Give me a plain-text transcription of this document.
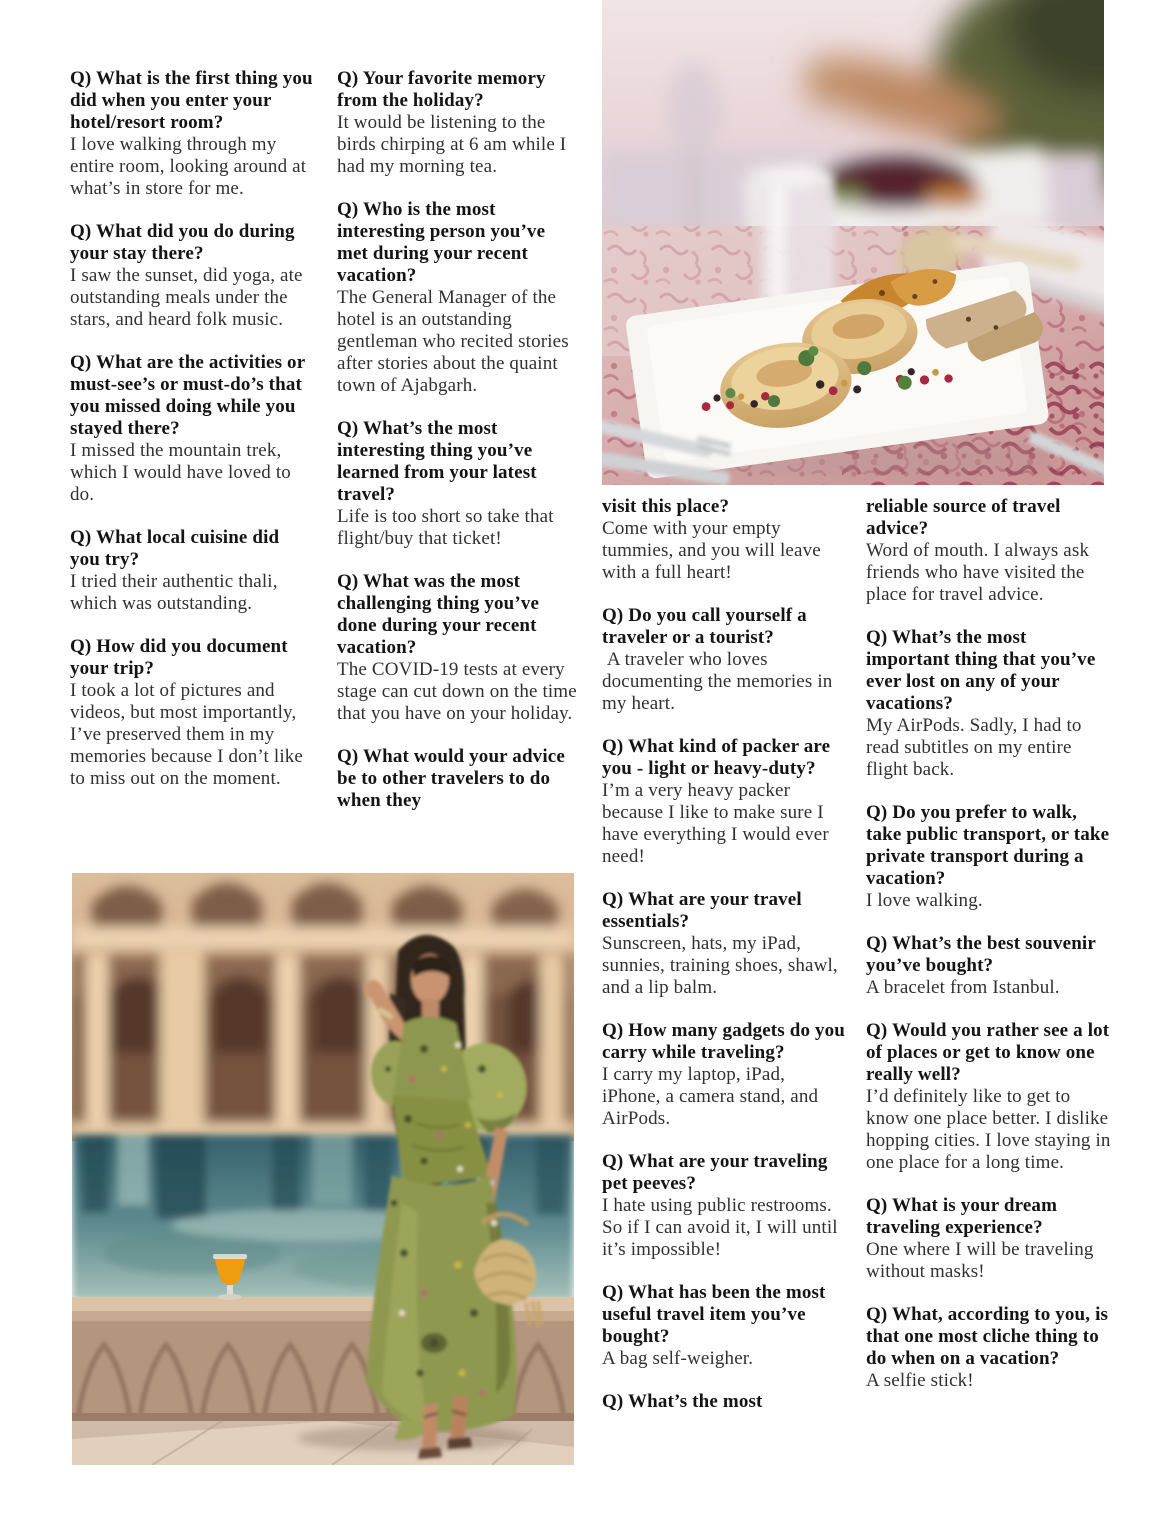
Q) What is the first thing you did when you enter your hotel/resort room?

I love walking through my entire room, looking around at what’s in store for me.

Q) What did you do during your stay there?

I saw the sunset, did yoga, ate outstanding meals under the stars, and heard folk music.

Q) What are the activities or must-see’s or must-do’s that you missed doing while you stayed there?

I missed the mountain trek, which I would have loved to do.

Q) What local cuisine did you try?

I tried their authentic thali, which was outstanding.

Q) How did you document your trip?

I took a lot of pictures and videos, but most importantly, I’ve preserved them in my memories because I don’t like to miss out on the moment.

Q) Your favorite memory from the holiday?

It would be listening to the birds chirping at 6 am while I had my morning tea.

Q) Who is the most interesting person you’ve met during your recent vacation?

The General Manager of the hotel is an outstanding gentleman who recited stories after stories about the quaint town of Ajabgarh.

Q) What’s the most interesting thing you’ve learned from your latest travel?

Life is too short so take that flight/buy that ticket!

Q) What was the most challenging thing you’ve done during your recent vacation?

The COVID-19 tests at every stage can cut down on the time that you have on your holiday.

Q) What would your advice be to other travelers to do when they

visit this place?

Come with your empty tummies, and you will leave with a full heart!

Q) Do you call yourself a traveler or a tourist?

A traveler who loves documenting the memories in my heart.

Q) What kind of packer are you - light or heavy-duty?

I’m a very heavy packer because I like to make sure I have everything I would ever need!

Q) What are your travel essentials?

Sunscreen, hats, my iPad, sunnies, training shoes, shawl, and a lip balm.

Q) How many gadgets do you carry while traveling?

I carry my laptop, iPad, iPhone, a camera stand, and AirPods.

Q) What are your traveling pet peeves?

I hate using public restrooms. So if I can avoid it, I will until it’s impossible!

Q) What has been the most useful travel item you’ve bought?

A bag self-weigher.

Q) What’s the most

reliable source of travel advice?

Word of mouth. I always ask friends who have visited the place for travel advice.

Q) What’s the most important thing that you’ve ever lost on any of your vacations?

My AirPods. Sadly, I had to read subtitles on my entire flight back.

Q) Do you prefer to walk, take public transport, or take private transport during a vacation?

I love walking.

Q) What’s the best souvenir you’ve bought?

A bracelet from Istanbul.

Q) Would you rather see a lot of places or get to know one really well?

I’d definitely like to get to know one place better. I dislike hopping cities. I love staying in one place for a long time.

Q) What is your dream traveling experience?

One where I will be traveling without masks!

Q) What, according to you, is that one most cliche thing to do when on a vacation?

A selfie stick!
